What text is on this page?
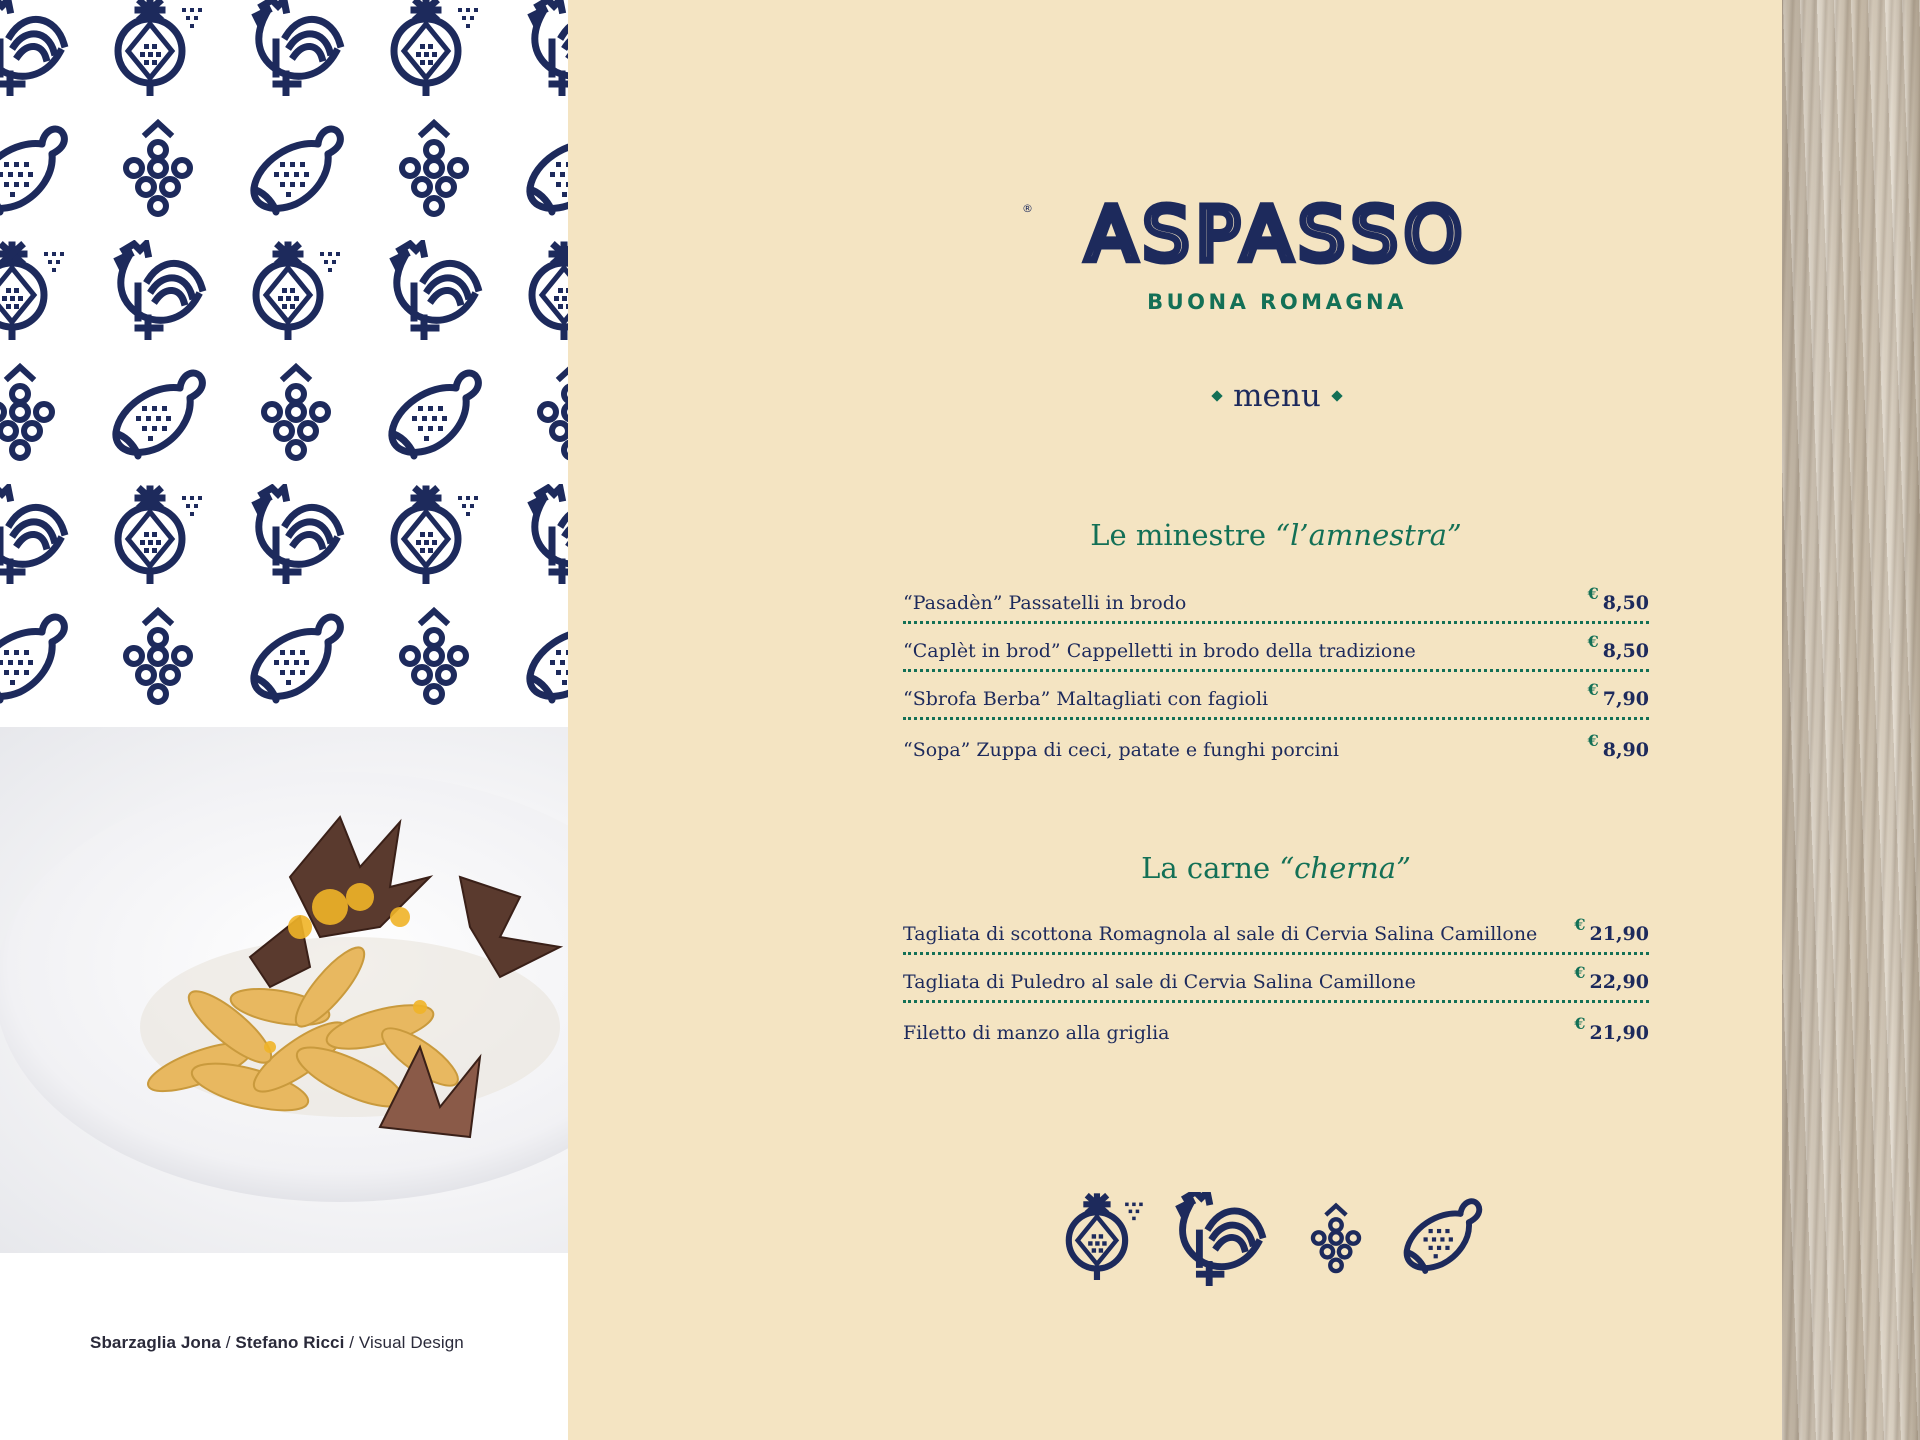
Sbarzaglia Jona / Stefano Ricci / Visual Design
® ASPASSO
BUONA ROMAGNA
menu
Le minestre “l’amnestra”
“Pasadèn” Passatelli in brodo	€ 8,50
“Caplèt in brod” Cappelletti in brodo della tradizione	€ 8,50
“Sbrofa Berba” Maltagliati con fagioli	€ 7,90
“Sopa” Zuppa di ceci, patate e funghi porcini	€ 8,90
La carne “cherna”
Tagliata di scottona Romagnola al sale di Cervia Salina Camillone € 21,90
Tagliata di Puledro al sale di Cervia Salina Camillone	€ 22,90
Filetto di manzo alla griglia	€ 21,90
